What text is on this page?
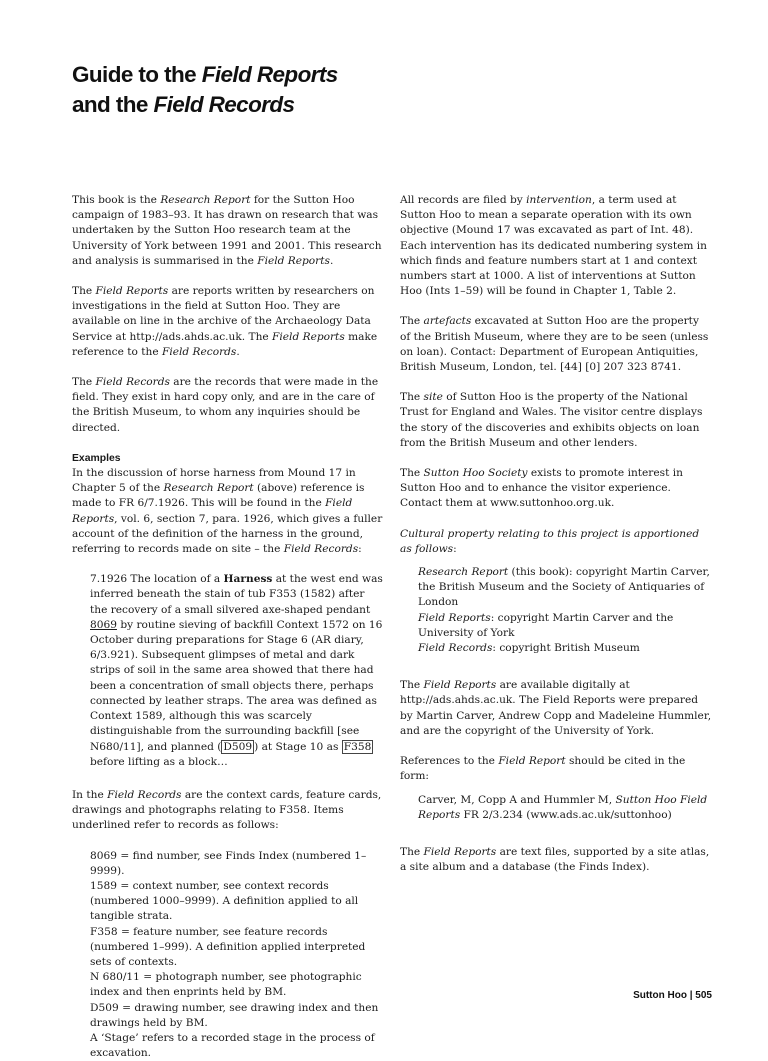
Guide to the Field Reports
and the Field Records

This book is the Research Report for the Sutton Hoo campaign of 1983–93. It has drawn on research that was undertaken by the Sutton Hoo research team at the University of York between 1991 and 2001. This research and analysis is summarised in the Field Reports.

The Field Reports are reports written by researchers on investigations in the field at Sutton Hoo. They are available on line in the archive of the Archaeology Data Service at http://ads.ahds.ac.uk. The Field Reports make reference to the Field Records.

The Field Records are the records that were made in the field. They exist in hard copy only, and are in the care of the British Museum, to whom any inquiries should be directed.

Examples

In the discussion of horse harness from Mound 17 in Chapter 5 of the Research Report (above) reference is made to FR 6/7.1926. This will be found in the Field Reports, vol. 6, section 7, para. 1926, which gives a fuller account of the definition of the harness in the ground, referring to records made on site – the Field Records:

7.1926 The location of a Harness at the west end was inferred beneath the stain of tub F353 (1582) after the recovery of a small silvered axe-shaped pendant 8069 by routine sieving of backfill Context 1572 on 16 October during preparations for Stage 6 (AR diary, 6/3.921). Subsequent glimpses of metal and dark strips of soil in the same area showed that there had been a concentration of small objects there, perhaps connected by leather straps. The area was defined as Context 1589, although this was scarcely distinguishable from the surrounding backfill [see N680/11], and planned ( D509 ) at Stage 10 as F358 before lifting as a block…

In the Field Records are the context cards, feature cards, drawings and photographs relating to F358. Items underlined refer to records as follows:

8069 = find number, see Finds Index (numbered 1–9999).

1589 = context number, see context records (numbered 1000–9999). A definition applied to all tangible strata.

F358 = feature number, see feature records (numbered 1–999). A definition applied interpreted sets of contexts.

N 680/11 = photograph number, see photographic index and then enprints held by BM.

D509 = drawing number, see drawing index and then drawings held by BM.

A ‘Stage’ refers to a recorded stage in the process of excavation.

All records are filed by intervention, a term used at Sutton Hoo to mean a separate operation with its own objective (Mound 17 was excavated as part of Int. 48). Each intervention has its dedicated numbering system in which finds and feature numbers start at 1 and context numbers start at 1000. A list of interventions at Sutton Hoo (Ints 1–59) will be found in Chapter 1, Table 2.

The artefacts excavated at Sutton Hoo are the property of the British Museum, where they are to be seen (unless on loan). Contact: Department of European Antiquities, British Museum, London, tel. [44] [0] 207 323 8741.

The site of Sutton Hoo is the property of the National Trust for England and Wales. The visitor centre displays the story of the discoveries and exhibits objects on loan from the British Museum and other lenders.

The Sutton Hoo Society exists to promote interest in Sutton Hoo and to enhance the visitor experience. Contact them at www.suttonhoo.org.uk.

Cultural property relating to this project is apportioned as follows:

Research Report (this book): copyright Martin Carver, the British Museum and the Society of Antiquaries of London

Field Reports: copyright Martin Carver and the University of York

Field Records: copyright British Museum

The Field Reports are available digitally at http://ads.ahds.ac.uk. The Field Reports were prepared by Martin Carver, Andrew Copp and Madeleine Hummler, and are the copyright of the University of York.

References to the Field Report should be cited in the form:

Carver, M, Copp A and Hummler M, Sutton Hoo Field Reports FR 2/3.234 (www.ads.ac.uk/suttonhoo)

The Field Reports are text files, supported by a site atlas, a site album and a database (the Finds Index).

Sutton Hoo | 505
